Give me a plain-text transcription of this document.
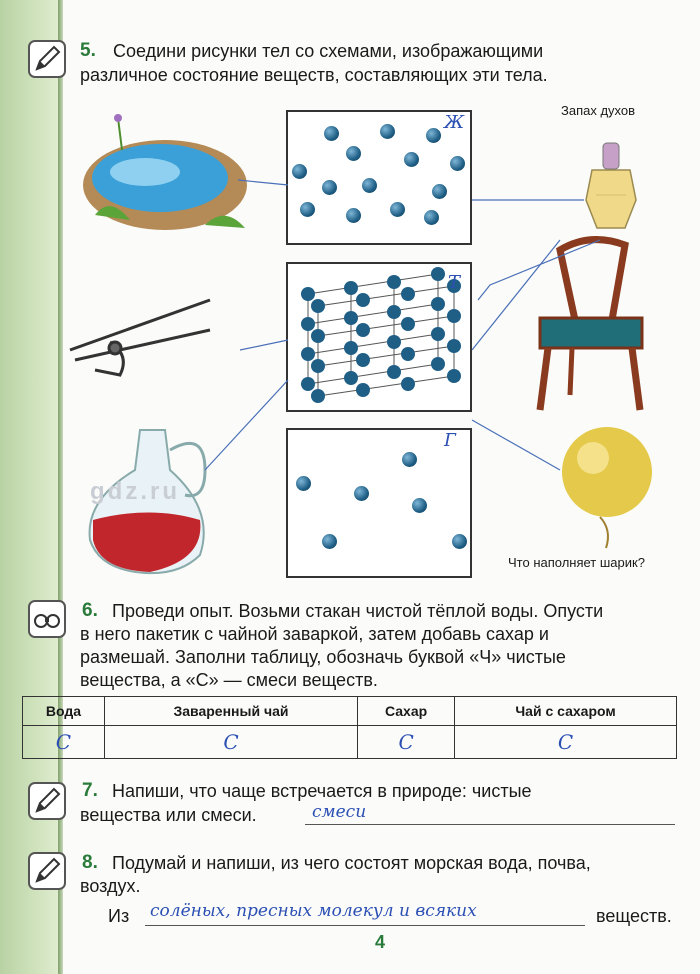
5. Соедини рисунки тел со схемами, изображающими
различное состояние веществ, составляющих эти тела.
Запах духов
Ж
Т
Г
Что наполняет шарик?
gdz.ru
6. Проведи опыт. Возьми стакан чистой тёплой воды. Опусти
в него пакетик с чайной заваркой, затем добавь сахар и
размешай. Заполни таблицу, обозначь буквой «Ч» чистые
вещества, а «С» — смеси веществ.
Вода	Заваренный чай	Сахар	Чай с сахаром
С	С	С	С
7. Напиши, что чаще встречается в природе: чистые
вещества или смеси.	смеси
8. Подумай и напиши, из чего состоят морская вода, почва,
воздух.
Из солёных, пресных молекул и всяких	веществ.
4
